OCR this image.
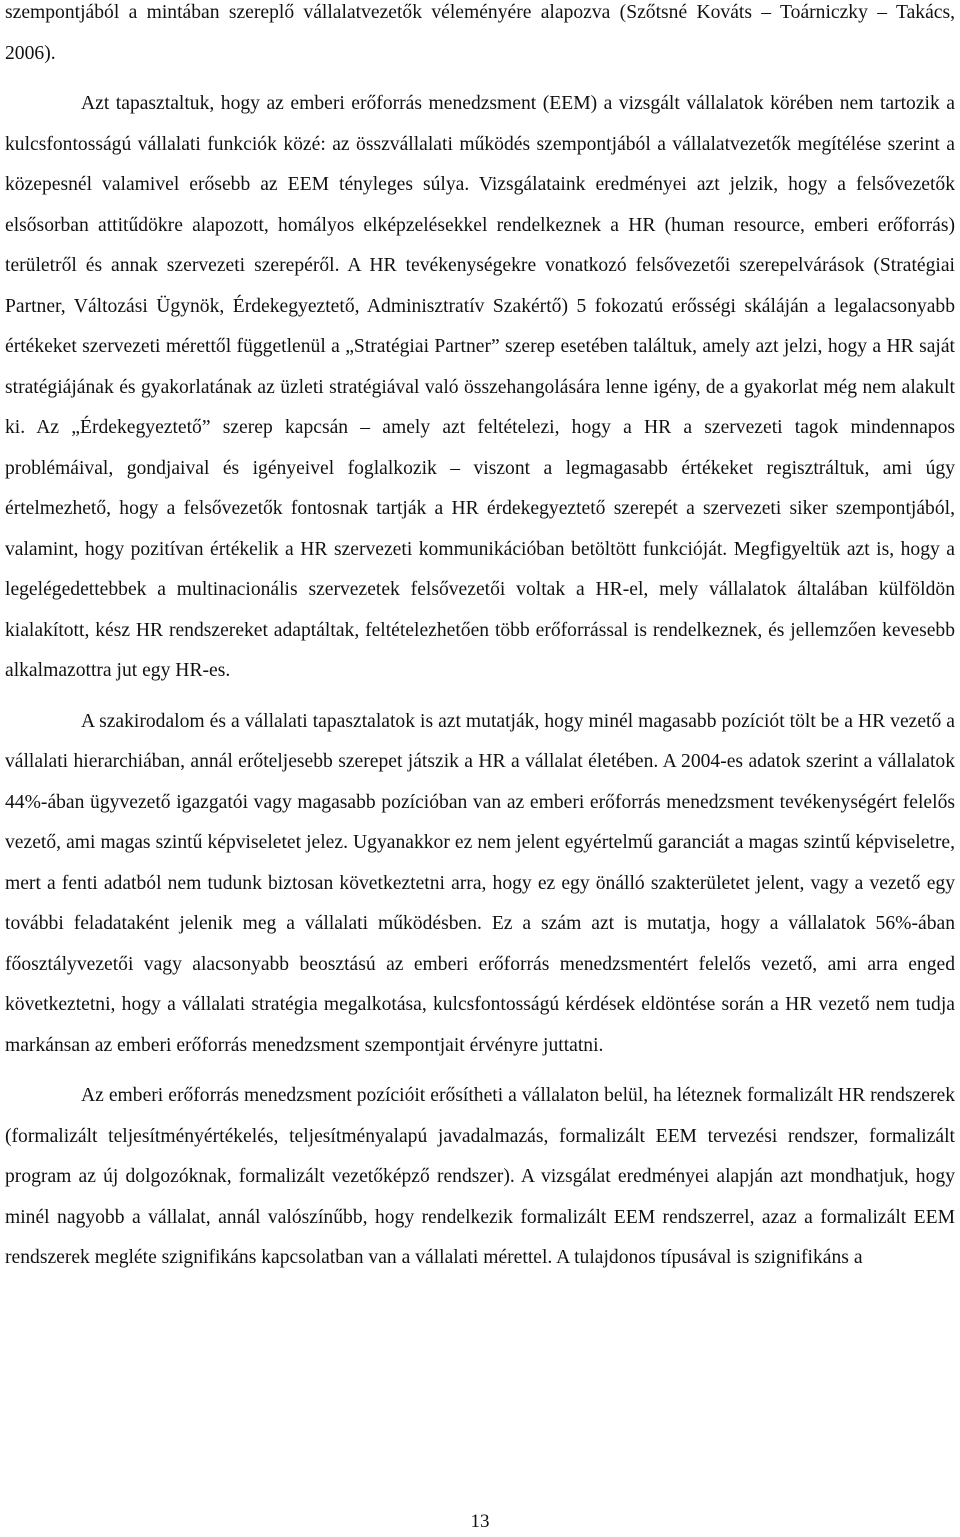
szempontjából a mintában szereplő vállalatvezetők véleményére alapozva (Szőtsné Kováts – Toárniczky – Takács, 2006).

Azt tapasztaltuk, hogy az emberi erőforrás menedzsment (EEM) a vizsgált vállalatok körében nem tartozik a kulcsfontosságú vállalati funkciók közé: az összvállalati működés szempontjából a vállalatvezetők megítélése szerint a közepesnél valamivel erősebb az EEM tényleges súlya. Vizsgálataink eredményei azt jelzik, hogy a felsővezetők elsősorban attitűdökre alapozott, homályos elképzelésekkel rendelkeznek a HR (human resource, emberi erőforrás) területről és annak szervezeti szerepéről. A HR tevékenységekre vonatkozó felsővezetői szerepelvárások (Stratégiai Partner, Változási Ügynök, Érdekegyeztető, Adminisztratív Szakértő) 5 fokozatú erősségi skáláján a legalacsonyabb értékeket szervezeti mérettől függetlenül a „Stratégiai Partner” szerep esetében találtuk, amely azt jelzi, hogy a HR saját stratégiájának és gyakorlatának az üzleti stratégiával való összehangolására lenne igény, de a gyakorlat még nem alakult ki. Az „Érdekegyeztető” szerep kapcsán – amely azt feltételezi, hogy a HR a szervezeti tagok mindennapos problémáival, gondjaival és igényeivel foglalkozik – viszont a legmagasabb értékeket regisztráltuk, ami úgy értelmezhető, hogy a felsővezetők fontosnak tartják a HR érdekegyeztető szerepét a szervezeti siker szempontjából, valamint, hogy pozitívan értékelik a HR szervezeti kommunikációban betöltött funkcióját. Megfigyeltük azt is, hogy a legelégedettebbek a multinacionális szervezetek felsővezetői voltak a HR-el, mely vállalatok általában külföldön kialakított, kész HR rendszereket adaptáltak, feltételezhetően több erőforrással is rendelkeznek, és jellemzően kevesebb alkalmazottra jut egy HR-es.

A szakirodalom és a vállalati tapasztalatok is azt mutatják, hogy minél magasabb pozíciót tölt be a HR vezető a vállalati hierarchiában, annál erőteljesebb szerepet játszik a HR a vállalat életében. A 2004-es adatok szerint a vállalatok 44%-ában ügyvezető igazgatói vagy magasabb pozícióban van az emberi erőforrás menedzsment tevékenységért felelős vezető, ami magas szintű képviseletet jelez. Ugyanakkor ez nem jelent egyértelmű garanciát a magas szintű képviseletre, mert a fenti adatból nem tudunk biztosan következtetni arra, hogy ez egy önálló szakterületet jelent, vagy a vezető egy további feladataként jelenik meg a vállalati működésben. Ez a szám azt is mutatja, hogy a vállalatok 56%-ában főosztályvezetői vagy alacsonyabb beosztású az emberi erőforrás menedzsmentért felelős vezető, ami arra enged következtetni, hogy a vállalati stratégia megalkotása, kulcsfontosságú kérdések eldöntése során a HR vezető nem tudja markánsan az emberi erőforrás menedzsment szempontjait érvényre juttatni.

Az emberi erőforrás menedzsment pozícióit erősítheti a vállalaton belül, ha léteznek formalizált HR rendszerek (formalizált teljesítményértékelés, teljesítményalapú javadalmazás, formalizált EEM tervezési rendszer, formalizált program az új dolgozóknak, formalizált vezetőképző rendszer). A vizsgálat eredményei alapján azt mondhatjuk, hogy minél nagyobb a vállalat, annál valószínűbb, hogy rendelkezik formalizált EEM rendszerrel, azaz a formalizált EEM rendszerek megléte szignifikáns kapcsolatban van a vállalati mérettel. A tulajdonos típusával is szignifikáns a

13
